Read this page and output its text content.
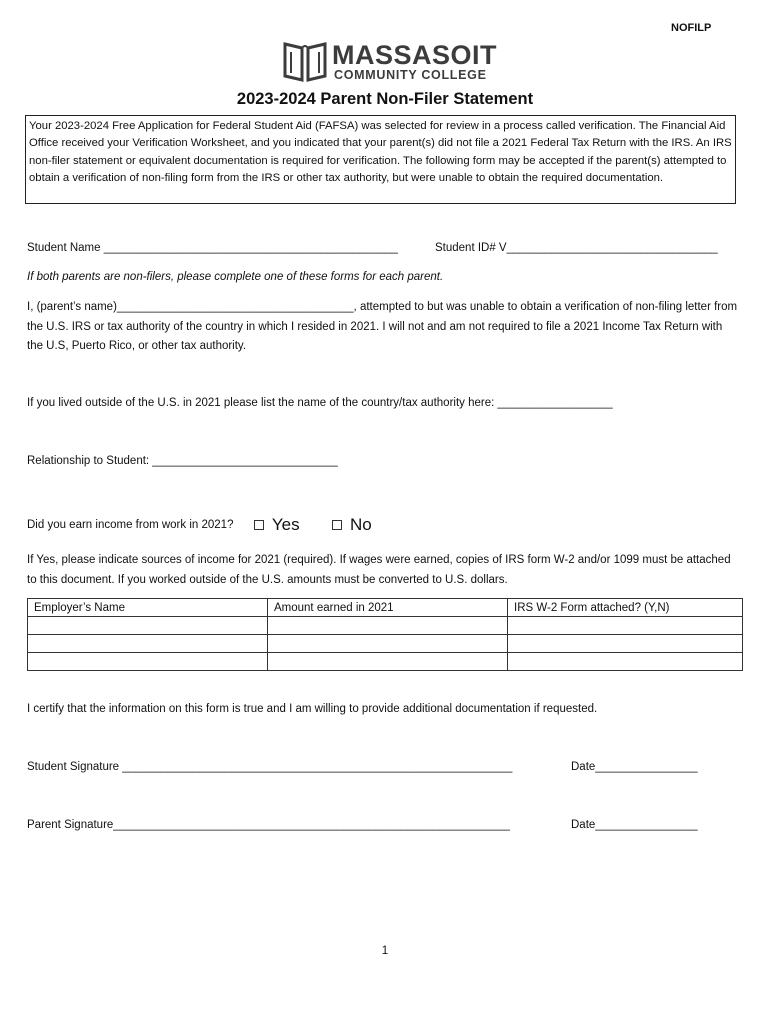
NOFILP
MASSASOIT
COMMUNITY COLLEGE
2023-2024 Parent Non-Filer Statement
Your 2023-2024 Free Application for Federal Student Aid (FAFSA) was selected for review in a process called verification. The Financial Aid Office received your Verification Worksheet, and you indicated that your parent(s) did not file a 2021 Federal Tax Return with the IRS. An IRS non-filer statement or equivalent documentation is required for verification. The following form may be accepted if the parent(s) attempted to obtain a verification of non-filing form from the IRS or other tax authority, but were unable to obtain the required documentation.
Student Name ______________________________________________	Student ID# V_________________________________
If both parents are non-filers, please complete one of these forms for each parent.
I, (parent’s name)_____________________________________, attempted to but was unable to obtain a verification of non-filing letter from the U.S. IRS or tax authority of the country in which I resided in 2021. I will not and am not required to file a 2021 Income Tax Return with the U.S, Puerto Rico, or other tax authority.
If you lived outside of the U.S. in 2021 please list the name of the country/tax authority here: __________________
Relationship to Student: _____________________________
Did you earn income from work in 2021? Yes	No
If Yes, please indicate sources of income for 2021 (required). If wages were earned, copies of IRS form W-2 and/or 1099 must be attached to this document. If you worked outside of the U.S. amounts must be converted to U.S. dollars.
Employer’s Name	Amount earned in 2021	IRS W-2 Form attached? (Y,N)

I certify that the information on this form is true and I am willing to provide additional documentation if requested.
Student Signature _____________________________________________________________	Date________________
Parent Signature______________________________________________________________	Date________________
1
